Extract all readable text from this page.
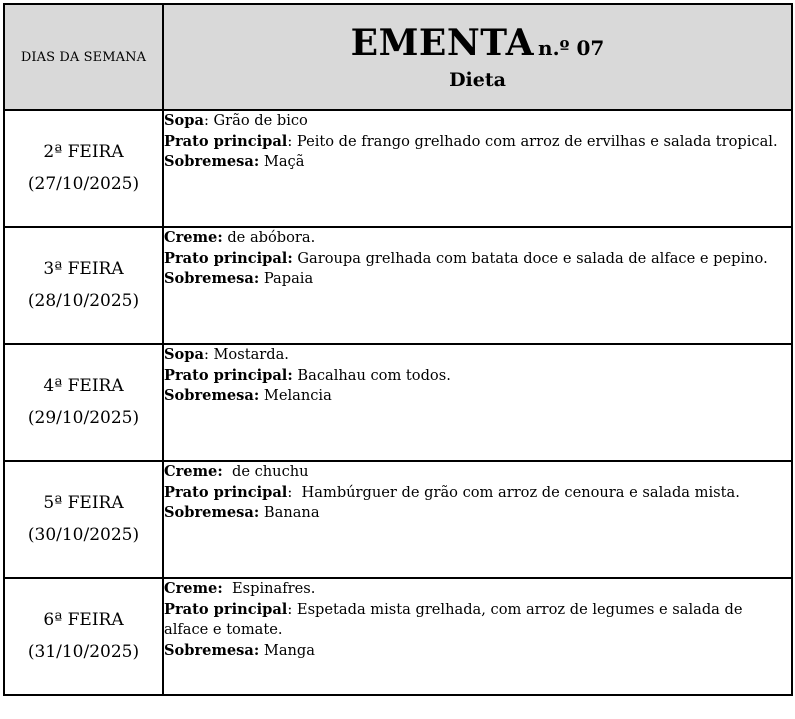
DIAS DA SEMANA	EMENTA n.º 07
Dieta

2ª FEIRA
(27/10/2025)	Sopa: Grão de bico
Prato principal: Peito de frango grelhado com arroz de ervilhas e salada tropical.
Sobremesa: Maçã

3ª FEIRA
(28/10/2025)	Creme: de abóbora.
Prato principal: Garoupa grelhada com batata doce e salada de alface e pepino.
Sobremesa: Papaia

4ª FEIRA
(29/10/2025)	Sopa: Mostarda.
Prato principal: Bacalhau com todos.
Sobremesa: Melancia

5ª FEIRA
(30/10/2025)	Creme:  de chuchu
Prato principal:  Hambúrguer de grão com arroz de cenoura e salada mista.
Sobremesa: Banana

6ª FEIRA
(31/10/2025)	Creme:  Espinafres.
Prato principal: Espetada mista grelhada, com arroz de legumes e salada de alface e tomate.
Sobremesa: Manga
